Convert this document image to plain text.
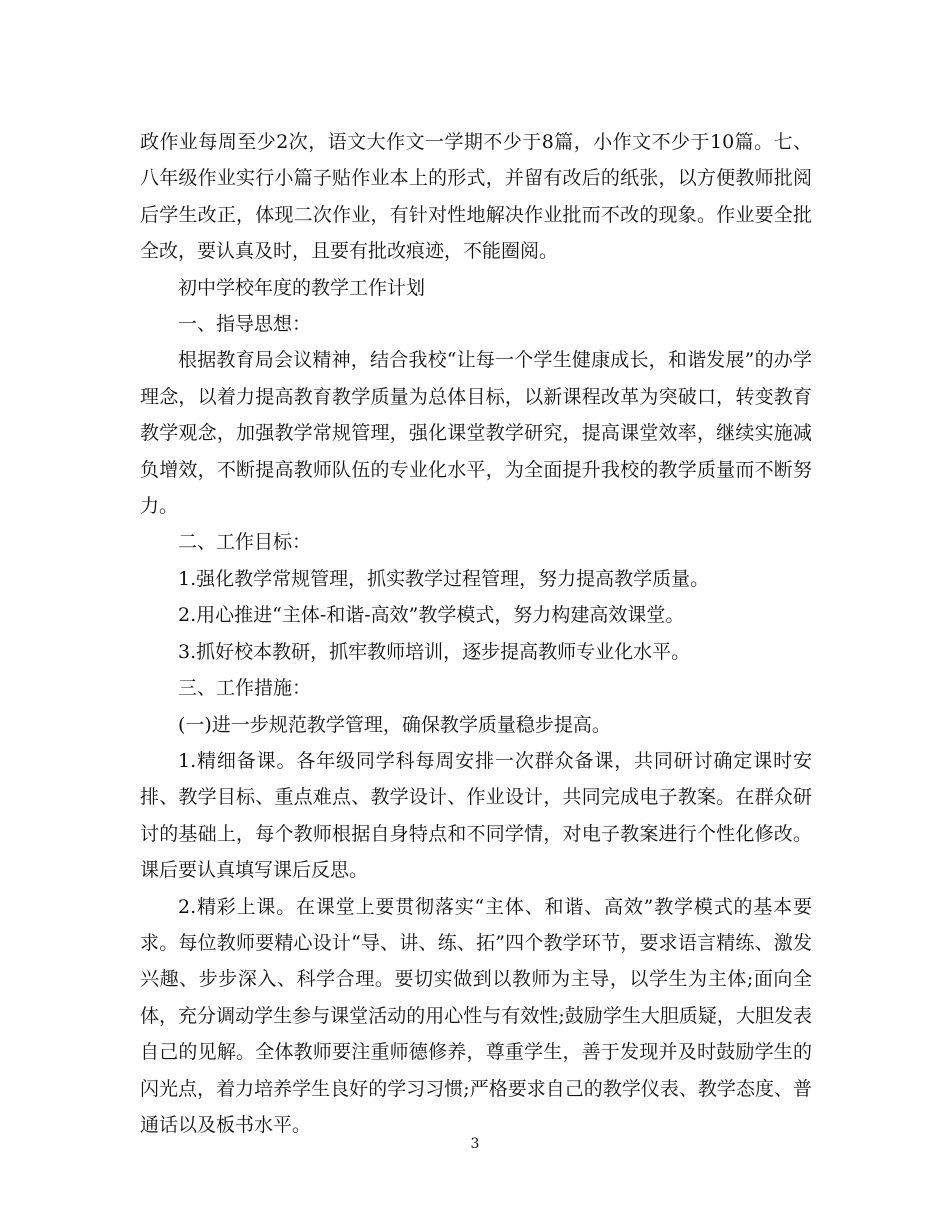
政作业每周至少2次，语文大作文一学期不少于8篇，小作文不少于10篇。七、八年级作业实行小篇子贴作业本上的形式，并留有改后的纸张，以方便教师批阅后学生改正，体现二次作业，有针对性地解决作业批而不改的现象。作业要全批全改，要认真及时，且要有批改痕迹，不能圈阅。

初中学校年度的教学工作计划

一、指导思想：

根据教育局会议精神，结合我校“让每一个学生健康成长，和谐发展”的办学理念，以着力提高教育教学质量为总体目标，以新课程改革为突破口，转变教育教学观念，加强教学常规管理，强化课堂教学研究，提高课堂效率，继续实施减负增效，不断提高教师队伍的专业化水平，为全面提升我校的教学质量而不断努力。

二、工作目标：

1.强化教学常规管理，抓实教学过程管理，努力提高教学质量。

2.用心推进“主体-和谐-高效”教学模式，努力构建高效课堂。

3.抓好校本教研，抓牢教师培训，逐步提高教师专业化水平。

三、工作措施：

(一)进一步规范教学管理，确保教学质量稳步提高。

1.精细备课。各年级同学科每周安排一次群众备课，共同研讨确定课时安排、教学目标、重点难点、教学设计、作业设计，共同完成电子教案。在群众研讨的基础上，每个教师根据自身特点和不同学情，对电子教案进行个性化修改。课后要认真填写课后反思。

2.精彩上课。在课堂上要贯彻落实“主体、和谐、高效”教学模式的基本要求。每位教师要精心设计“导、讲、练、拓”四个教学环节，要求语言精练、激发兴趣、步步深入、科学合理。要切实做到以教师为主导，以学生为主体;面向全体，充分调动学生参与课堂活动的用心性与有效性;鼓励学生大胆质疑，大胆发表自己的见解。全体教师要注重师德修养，尊重学生，善于发现并及时鼓励学生的闪光点，着力培养学生良好的学习习惯;严格要求自己的教学仪表、教学态度、普通话以及板书水平。

3
